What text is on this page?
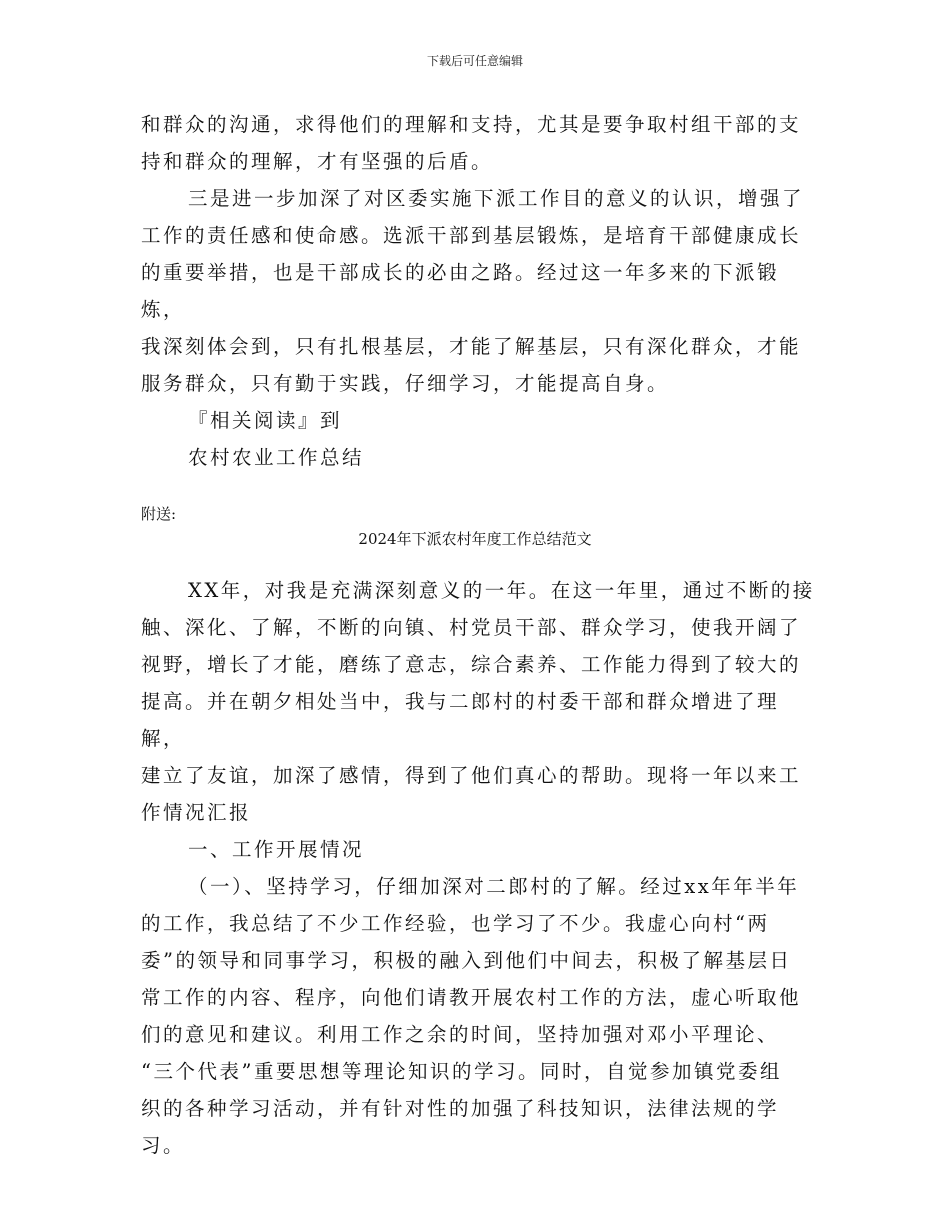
下载后可任意编辑

和群众的沟通，求得他们的理解和支持，尤其是要争取村组干部的支

持和群众的理解，才有坚强的后盾。

三是进一步加深了对区委实施下派工作目的意义的认识，增强了

工作的责任感和使命感。选派干部到基层锻炼，是培育干部健康成长

的重要举措，也是干部成长的必由之路。经过这一年多来的下派锻炼，

我深刻体会到，只有扎根基层，才能了解基层，只有深化群众，才能

服务群众，只有勤于实践，仔细学习，才能提高自身。

『相关阅读』到

农村农业工作总结

附送:
2024年下派农村年度工作总结范文

XX年，对我是充满深刻意义的一年。在这一年里，通过不断的接

触、深化、了解，不断的向镇、村党员干部、群众学习，使我开阔了

视野，增长了才能，磨练了意志，综合素养、工作能力得到了较大的

提高。并在朝夕相处当中，我与二郎村的村委干部和群众增进了理解，

建立了友谊，加深了感情，得到了他们真心的帮助。现将一年以来工

作情况汇报

一、工作开展情况

（一）、坚持学习，仔细加深对二郎村的了解。经过xx年年半年

的工作，我总结了不少工作经验，也学习了不少。我虚心向村“两

委”的领导和同事学习，积极的融入到他们中间去，积极了解基层日

常工作的内容、程序，向他们请教开展农村工作的方法，虚心听取他

们的意见和建议。利用工作之余的时间，坚持加强对邓小平理论、

“三个代表”重要思想等理论知识的学习。同时，自觉参加镇党委组

织的各种学习活动，并有针对性的加强了科技知识，法律法规的学习。
